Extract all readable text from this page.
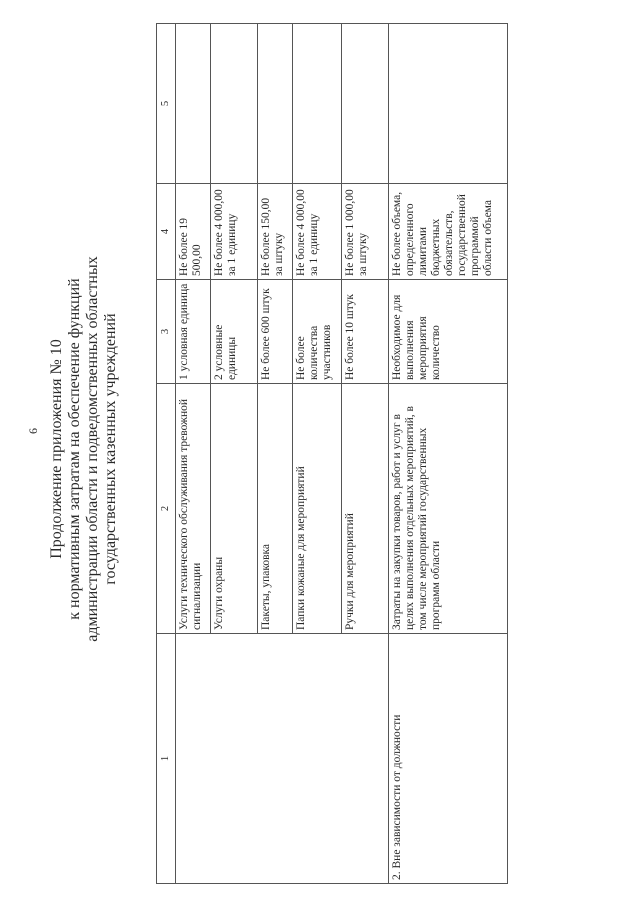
6 Продолжение приложения № 10 к нормативным затратам на обеспечение функций администрации области и подведомственных областных государственных казенных учреждений
1	2	3	4	5
	Услуги технического обслуживания тревожной сигнализации	1 условная единица	Не более 19 500,00	
	Услуги охраны	2 условные единицы	Не более 4 000,00 за 1 единицу	
	Пакеты, упаковка	Не более 600 штук	Не более 150,00 за штуку	
	Папки кожаные для мероприятий	Не более количества участников	Не более 4 000,00 за 1 единицу	
	Ручки для мероприятий	Не более 10 штук	Не более 1 000,00 за штуку	
2. Вне зависимости от должности	Затраты на закупки товаров, работ и услуг в целях выполнения отдельных мероприятий, в том числе мероприятий государственных программ области	Необходимое для выполнения мероприятия количество	Не более объема, определенного лимитами бюджетных обязательств, государственной программой области объема	
